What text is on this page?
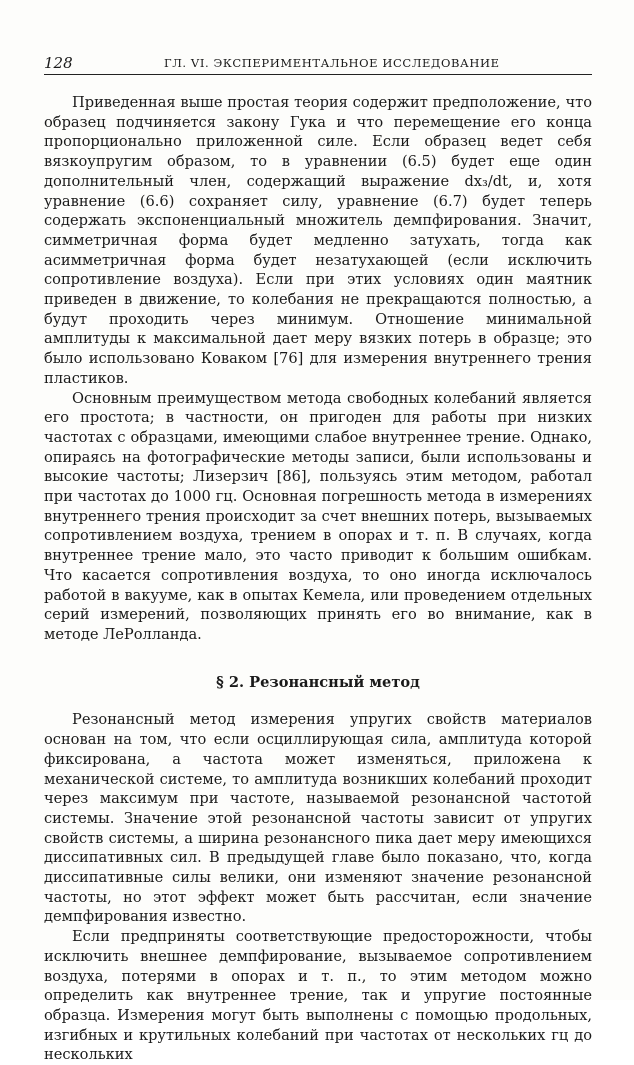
128	ГЛ. VI. ЭКСПЕРИМЕНТАЛЬНОЕ ИССЛЕДОВАНИЕ

Приведенная выше простая теория содержит предположение, что образец подчиняется закону Гука и что перемещение его конца пропорционально приложенной силе. Если образец ведет себя вязкоупругим образом, то в уравнении (6.5) будет еще один дополнительный член, содержащий выражение dx₃/dt, и, хотя уравнение (6.6) сохраняет силу, уравнение (6.7) будет теперь содержать экспоненциальный множитель демпфирования. Значит, симметричная форма будет медленно затухать, тогда как асимметричная форма будет незатухающей (если исключить сопротивление воздуха). Если при этих условиях один маятник приведен в движение, то колебания не прекращаются полностью, а будут проходить через минимум. Отношение минимальной амплитуды к максимальной дает меру вязких потерь в образце; это было использовано Коваком [76] для измерения внутреннего трения пластиков.

Основным преимуществом метода свободных колебаний является его простота; в частности, он пригоден для работы при низких частотах с образцами, имеющими слабое внутреннее трение. Однако, опираясь на фотографические методы записи, были использованы и высокие частоты; Лизерзич [86], пользуясь этим методом, работал при частотах до 1000 гц. Основная погрешность метода в измерениях внутреннего трения происходит за счет внешних потерь, вызываемых сопротивлением воздуха, трением в опорах и т. п. В случаях, когда внутреннее трение мало, это часто приводит к большим ошибкам. Что касается сопротивления воздуха, то оно иногда исключалось работой в вакууме, как в опытах Кемела, или проведением отдельных серий измерений, позволяющих принять его во внимание, как в методе ЛеРолланда.

§ 2. Резонансный метод

Резонансный метод измерения упругих свойств материалов основан на том, что если осциллирующая сила, амплитуда которой фиксирована, а частота может изменяться, приложена к механической системе, то амплитуда возникших колебаний проходит через максимум при частоте, называемой резонансной частотой системы. Значение этой резонансной частоты зависит от упругих свойств системы, а ширина резонансного пика дает меру имеющихся диссипативных сил. В предыдущей главе было показано, что, когда диссипативные силы велики, они изменяют значение резонансной частоты, но этот эффект может быть рассчитан, если значение демпфирования известно.

Если предприняты соответствующие предосторожности, чтобы исключить внешнее демпфирование, вызываемое сопротивлением воздуха, потерями в опорах и т. п., то этим методом можно определить как внутреннее трение, так и упругие постоянные образца. Измерения могут быть выполнены с помощью продольных, изгибных и крутильных колебаний при частотах от нескольких гц до нескольких
